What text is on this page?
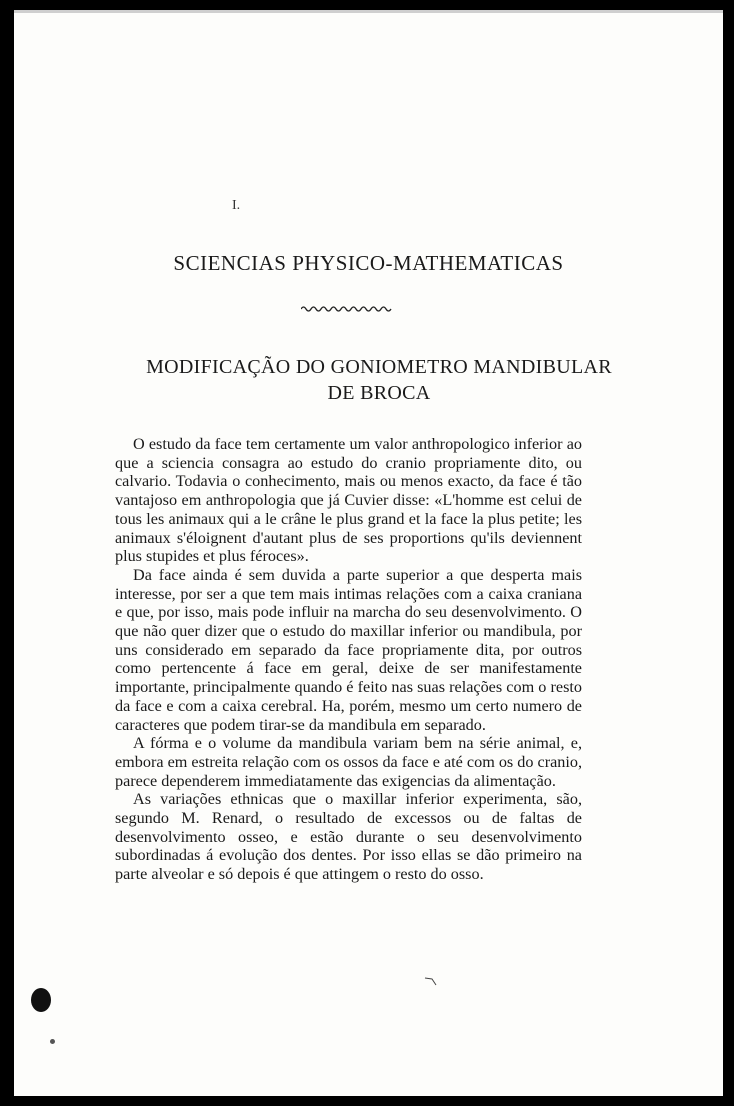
I.
SCIENCIAS PHYSICO-MATHEMATICAS
MODIFICAÇÃO DO GONIOMETRO MANDIBULAR
DE BROCA

O estudo da face tem certamente um valor anthropologico inferior ao que a sciencia consagra ao estudo do cranio propriamente dito, ou calvario. Todavia o conhecimento, mais ou menos exacto, da face é tão vantajoso em anthropologia que já Cuvier disse: «L'homme est celui de tous les animaux qui a le crâne le plus grand et la face la plus petite; les animaux s'éloignent d'autant plus de ses proportions qu'ils deviennent plus stupides et plus féroces».

Da face ainda é sem duvida a parte superior a que desperta mais interesse, por ser a que tem mais intimas relações com a caixa craniana e que, por isso, mais pode influir na marcha do seu desenvolvimento. O que não quer dizer que o estudo do maxillar inferior ou mandibula, por uns considerado em separado da face propriamente dita, por outros como pertencente á face em geral, deixe de ser manifestamente importante, principalmente quando é feito nas suas relações com o resto da face e com a caixa cerebral. Ha, porém, mesmo um certo numero de caracteres que podem tirar-se da mandibula em separado.

A fórma e o volume da mandibula variam bem na série animal, e, embora em estreita relação com os ossos da face e até com os do cranio, parece dependerem immediatamente das exigencias da alimentação.

As variações ethnicas que o maxillar inferior experimenta, são, segundo M. Renard, o resultado de excessos ou de faltas de desenvolvimento osseo, e estão durante o seu desenvolvimento subordinadas á evolução dos dentes. Por isso ellas se dão primeiro na parte alveolar e só depois é que attingem o resto do osso.
